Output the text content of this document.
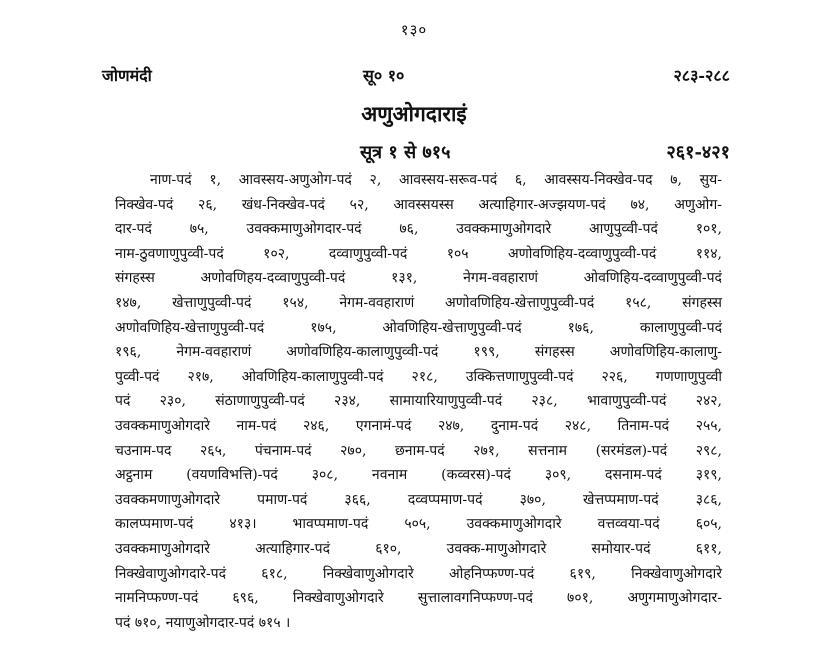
१३०
जोणमंदी	सू० १०	२८३-२८८
अणुओगदाराइं
सूत्र १ से ७१५	२६१-४२१
नाण-पदं १, आवस्सय-अणुओग-पदं २, आवस्सय-सरूव-पदं ६, आवस्सय-निक्खेव-पद ७, सुय-
निक्खेव-पदं २६, खंध-निक्खेव-पदं ५२, आवस्सयस्स अत्याहिगार-अज्झयण-पदं ७४, अणुओग-
दार-पदं ७५, उवक्कमाणुओगदार-पदं ७६, उवक्कमाणुओगदारे आणुपुव्वी-पदं १०१,
नाम-ठुवणाणुपुव्वी-पदं १०२, दव्वाणुपुव्वी-पदं १०५ अणोवणिहिय-दव्वाणुपुव्वी-पदं ११४,
संगहस्स अणोवणिहय-दव्वाणुपुव्वी-पदं १३१, नेगम-ववहाराणं ओवणिहिय-दव्वाणुपुव्वी-पदं
१४७, खेत्ताणुपुव्वी-पदं १५४, नेगम-ववहाराणं अणोवणिहिय-खेत्ताणुपुव्वी-पदं १५८, संगहस्स
अणोवणिहिय-खेत्ताणुपुव्वी-पदं १७५, ओवणिहिय-खेत्ताणुपुव्वी-पदं १७६, कालाणुपुव्वी-पदं
१९६, नेगम-ववहाराणं अणोवणिहिय-कालाणुपुव्वी-पदं १९९, संगहस्स अणोवणिहिय-कालाणु-
पुव्वी-पदं २१७, ओवणिहिय-कालाणुपुव्वी-पदं २१८, उक्कित्तणाणुपुव्वी-पदं २२६, गणणाणुपुव्वी
पदं २३०, संठाणाणुपुव्वी-पदं २३४, सामायारियाणुपुव्वी-पदं २३८, भावाणुपुव्वी-पदं २४२,
उवक्कमाणुओगदारे नाम-पदं २४६, एगनामं-पदं २४७, दुनाम-पदं २४८, तिनाम-पदं २५५,
चउनाम-पद २६५, पंचनाम-पदं २७०, छनाम-पदं २७१, सत्तनाम (सरमंडल)-पदं २९८,
अट्ठनाम (वयणविभत्ति)-पदं ३०८, नवनाम (कव्वरस)-पदं ३०९, दसनाम-पदं ३१९,
उवक्कमणाणुओगदारे पमाण-पदं ३६६, दव्वप्पमाण-पदं ३७०, खेत्तप्पमाण-पदं ३८६,
कालप्पमाण-पदं ४१३। भावप्पमाण-पदं ५०५, उवक्कमाणुओगदारे वत्तव्वया-पदं ६०५,
उवक्कमाणुओगदारे अत्याहिगार-पदं ६१०, उवक्क-माणुओगदारे समोयार-पदं ६११,
निक्खेवाणुओगदारे-पदं ६१८, निक्खेवाणुओगदारे ओहनिप्फण्ण-पदं ६१९, निक्खेवाणुओगदारे
नामनिप्फण्ण-पदं ६९६, निक्खेवाणुओगदारे सुत्तालावगनिप्फण्ण-पदं ७०१, अणुगमाणुओगदार-
पदं ७१०, नयाणुओगदार-पदं ७१५ ।
